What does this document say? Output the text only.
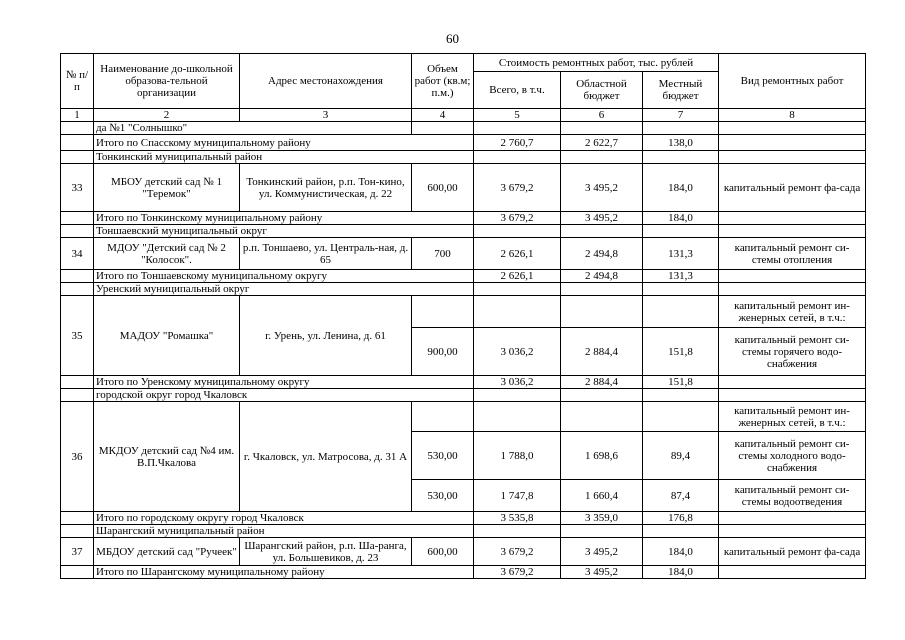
60
№ п/п	Наименование до-школьной образова-тельной организации	Адрес местонахождения	Объем работ (кв.м; п.м.)	Стоимость ремонтных работ, тыс. рублей			Вид ремонтных работ
				Всего, в т.ч.	Областной бюджет	Местный бюджет	
1	2	3	4	5	6	7	8
	да №1 "Солнышко"						
	Итого по Спасскому муниципальному району			2 760,7	2 622,7	138,0	
	Тонкинский муниципальный район						
33	МБОУ детский сад № 1 "Теремок"	Тонкинский район, р.п. Тон-кино, ул. Коммунистическая, д. 22	600,00	3 679,2	3 495,2	184,0	капитальный ремонт фа-сада
	Итого по Тонкинскому муниципальному району			3 679,2	3 495,2	184,0	
	Тоншаевский муниципальный округ						
34	МДОУ "Детский сад № 2 "Колосок".	р.п. Тоншаево, ул. Централь-ная, д. 65	700	2 626,1	2 494,8	131,3	капитальный ремонт си-стемы отопления
	Итого по Тоншаевскому муниципальному округу			2 626,1	2 494,8	131,3	
	Уренский муниципальный округ						
35	МАДОУ "Ромашка"	г. Урень, ул. Ленина, д. 61					капитальный ремонт ин-женерных сетей, в т.ч.:
			900,00	3 036,2	2 884,4	151,8	капитальный ремонт си-стемы горячего водо-снабжения
	Итого по Уренскому муниципальному округу			3 036,2	2 884,4	151,8	
	городской округ город Чкаловск						
36	МКДОУ детский сад №4 им. В.П.Чкалова	г. Чкаловск, ул. Матросова, д. 31 А					капитальный ремонт ин-женерных сетей, в т.ч.:
			530,00	1 788,0	1 698,6	89,4	капитальный ремонт си-стемы холодного водо-снабжения
			530,00	1 747,8	1 660,4	87,4	капитальный ремонт си-стемы водоотведения
	Итого по городскому округу город Чкаловск			3 535,8	3 359,0	176,8	
	Шарангский муниципальный район						
37	МБДОУ детский сад "Ручеек"	Шарангский район, р.п. Ша-ранга, ул. Большевиков, д. 23	600,00	3 679,2	3 495,2	184,0	капитальный ремонт фа-сада
	Итого по Шарангскому муниципальному району			3 679,2	3 495,2	184,0	
